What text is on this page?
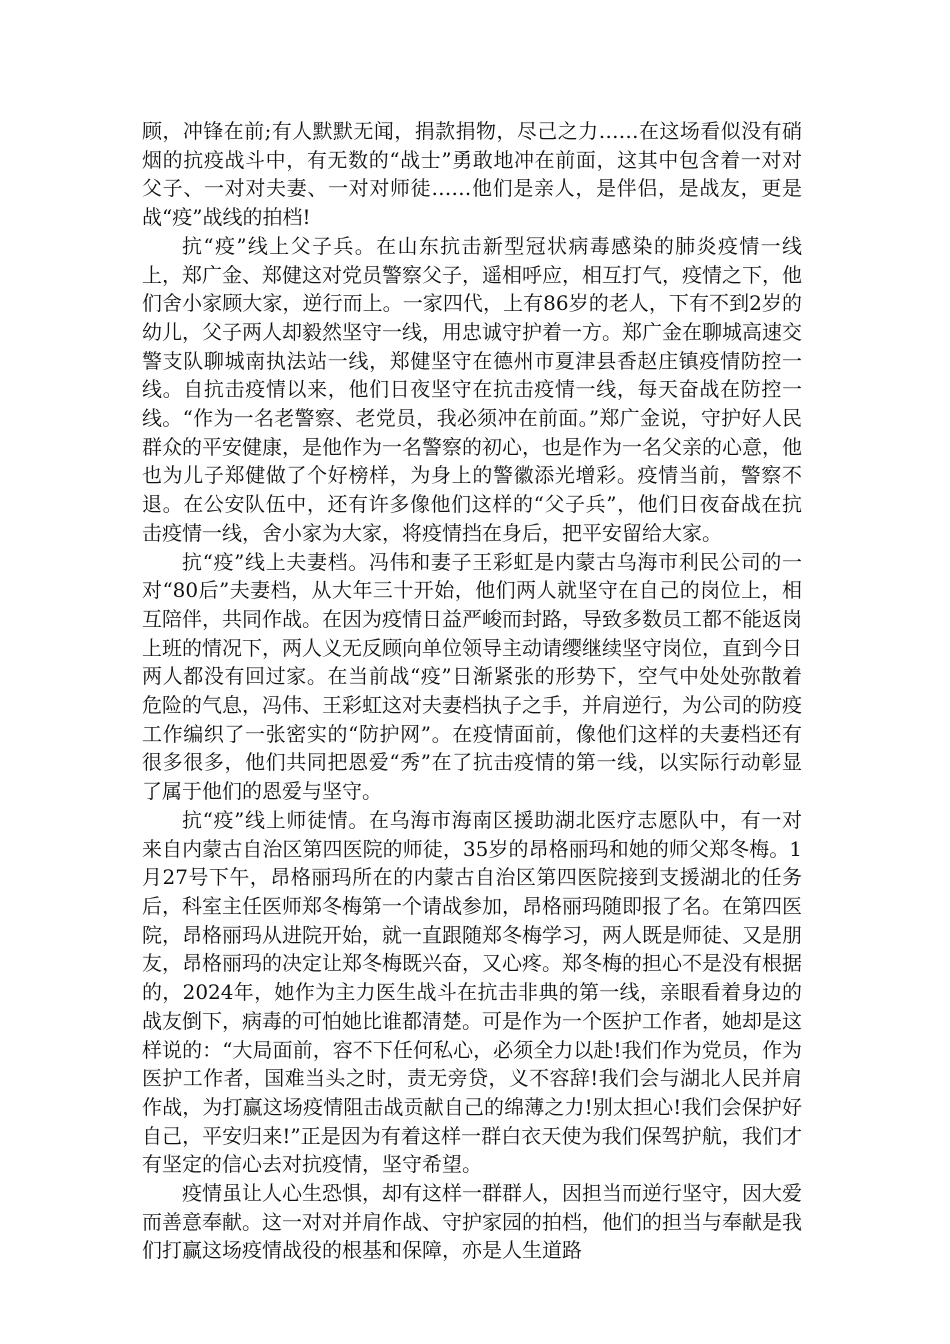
顾，冲锋在前;有人默默无闻，捐款捐物，尽己之力……在这场看似没有硝烟的抗疫战斗中，有无数的“战士”勇敢地冲在前面，这其中包含着一对对父子、一对对夫妻、一对对师徒……他们是亲人，是伴侣，是战友，更是战“疫”战线的拍档!

抗“疫”线上父子兵。在山东抗击新型冠状病毒感染的肺炎疫情一线上，郑广金、郑健这对党员警察父子，遥相呼应，相互打气，疫情之下，他们舍小家顾大家，逆行而上。一家四代，上有86岁的老人，下有不到2岁的幼儿，父子两人却毅然坚守一线，用忠诚守护着一方。郑广金在聊城高速交警支队聊城南执法站一线，郑健坚守在德州市夏津县香赵庄镇疫情防控一线。自抗击疫情以来，他们日夜坚守在抗击疫情一线，每天奋战在防控一线。“作为一名老警察、老党员，我必须冲在前面。”郑广金说，守护好人民群众的平安健康，是他作为一名警察的初心，也是作为一名父亲的心意，他也为儿子郑健做了个好榜样，为身上的警徽添光增彩。疫情当前，警察不退。在公安队伍中，还有许多像他们这样的“父子兵”，他们日夜奋战在抗击疫情一线，舍小家为大家，将疫情挡在身后，把平安留给大家。

抗“疫”线上夫妻档。冯伟和妻子王彩虹是内蒙古乌海市利民公司的一对“80后”夫妻档，从大年三十开始，他们两人就坚守在自己的岗位上，相互陪伴，共同作战。在因为疫情日益严峻而封路，导致多数员工都不能返岗上班的情况下，两人义无反顾向单位领导主动请缨继续坚守岗位，直到今日两人都没有回过家。在当前战“疫”日渐紧张的形势下，空气中处处弥散着危险的气息，冯伟、王彩虹这对夫妻档执子之手，并肩逆行，为公司的防疫工作编织了一张密实的“防护网”。在疫情面前，像他们这样的夫妻档还有很多很多，他们共同把恩爱“秀”在了抗击疫情的第一线，以实际行动彰显了属于他们的恩爱与坚守。

抗“疫”线上师徒情。在乌海市海南区援助湖北医疗志愿队中，有一对来自内蒙古自治区第四医院的师徒，35岁的昂格丽玛和她的师父郑冬梅。1月27号下午，昂格丽玛所在的内蒙古自治区第四医院接到支援湖北的任务后，科室主任医师郑冬梅第一个请战参加，昂格丽玛随即报了名。在第四医院，昂格丽玛从进院开始，就一直跟随郑冬梅学习，两人既是师徒、又是朋友，昂格丽玛的决定让郑冬梅既兴奋，又心疼。郑冬梅的担心不是没有根据的，2024年，她作为主力医生战斗在抗击非典的第一线，亲眼看着身边的战友倒下，病毒的可怕她比谁都清楚。可是作为一个医护工作者，她却是这样说的：“大局面前，容不下任何私心，必须全力以赴!我们作为党员，作为医护工作者，国难当头之时，责无旁贷，义不容辞!我们会与湖北人民并肩作战，为打赢这场疫情阻击战贡献自己的绵薄之力!别太担心!我们会保护好自己，平安归来!”正是因为有着这样一群白衣天使为我们保驾护航，我们才有坚定的信心去对抗疫情，坚守希望。

疫情虽让人心生恐惧，却有这样一群群人，因担当而逆行坚守，因大爱而善意奉献。这一对对并肩作战、守护家园的拍档，他们的担当与奉献是我们打赢这场疫情战役的根基和保障，亦是人生道路
